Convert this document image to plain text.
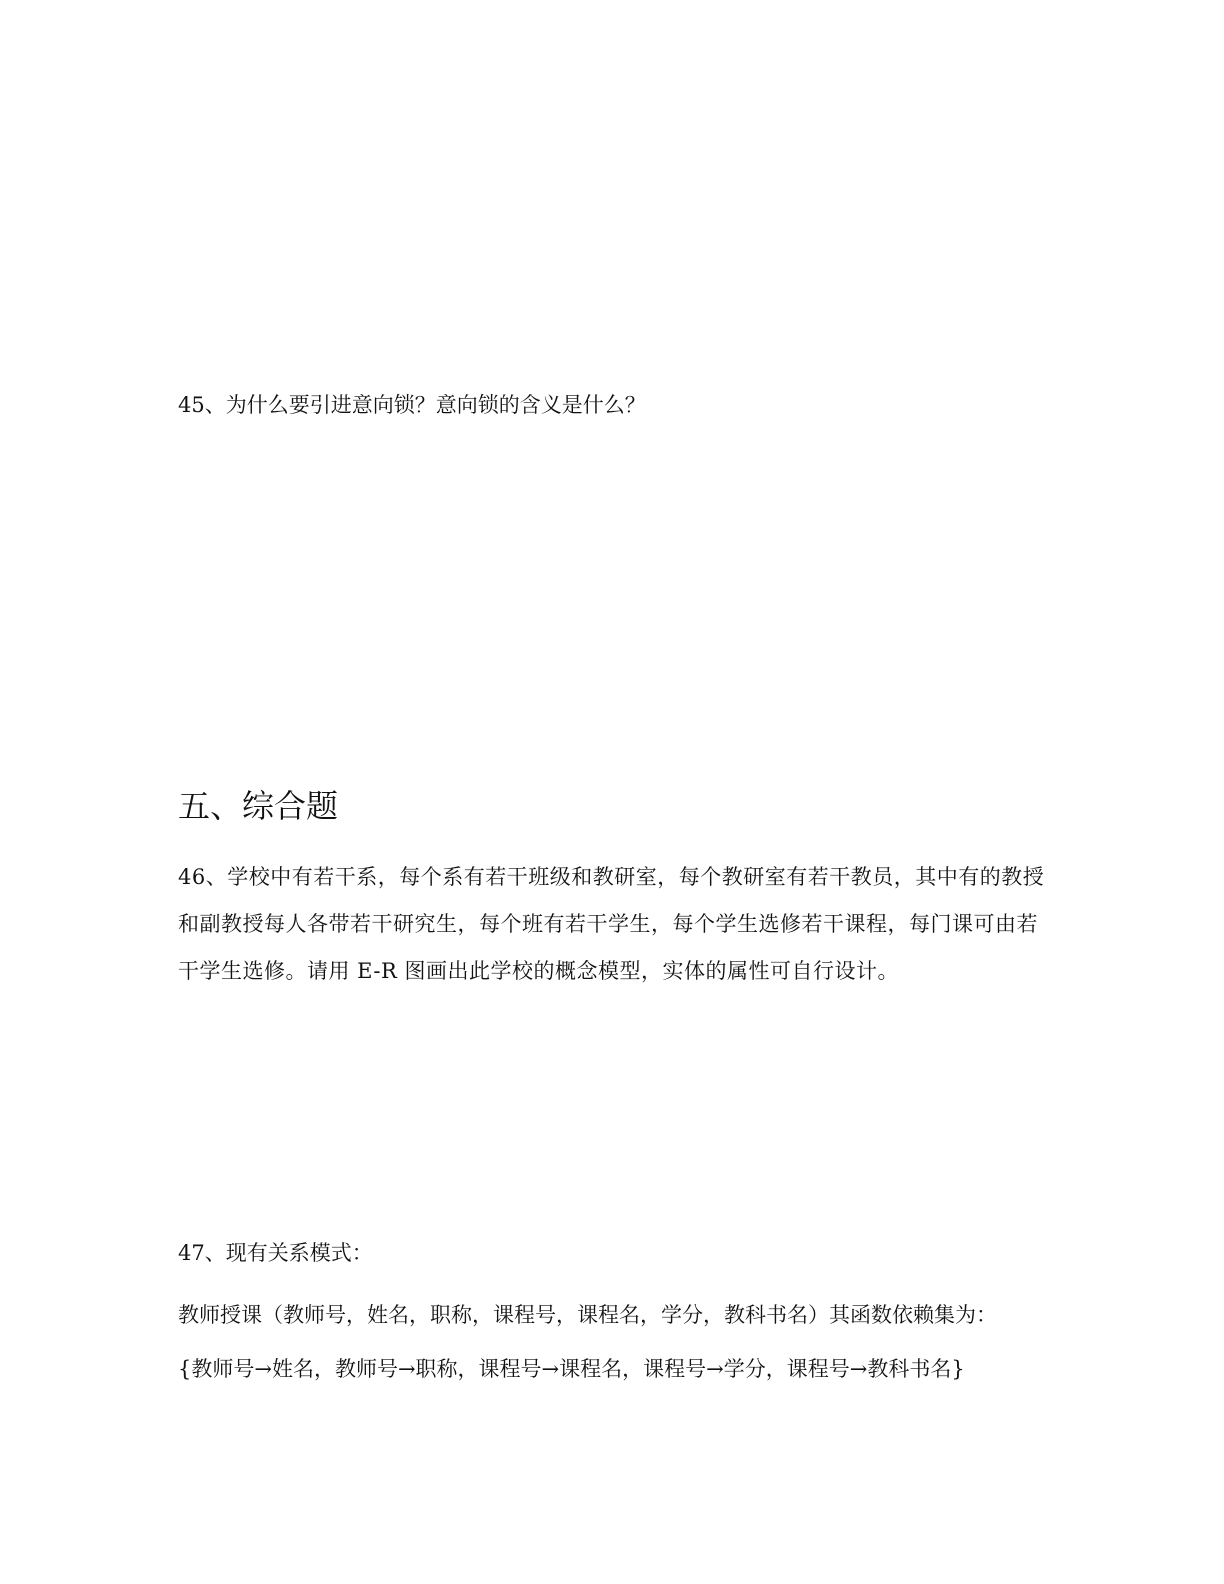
45、为什么要引进意向锁？意向锁的含义是什么？

五、综合题

46、学校中有若干系，每个系有若干班级和教研室，每个教研室有若干教员，其中有的教授和副教授每人各带若干研究生，每个班有若干学生，每个学生选修若干课程，每门课可由若干学生选修。请用 E-R 图画出此学校的概念模型，实体的属性可自行设计。

47、现有关系模式：

教师授课（教师号，姓名，职称，课程号，课程名，学分，教科书名）其函数依赖集为：

{教师号→姓名，教师号→职称，课程号→课程名，课程号→学分，课程号→教科书名}
